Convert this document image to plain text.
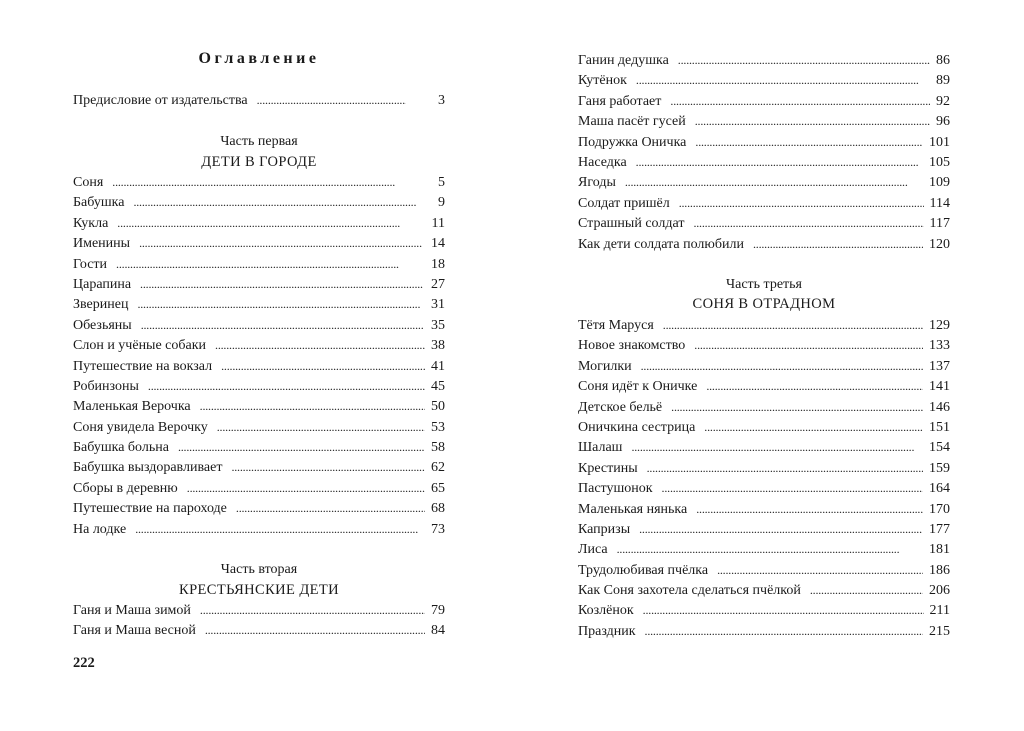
Оглавление
Предисловие от издательства . . .	3
Часть первая
ДЕТИ В ГОРОДЕ
Соня . . .	5
Бабушка . . .	9
Кукла . . .	11
Именины . . .	14
Гости . . .	18
Царапина . . .	27
Зверинец . . .	31
Обезьяны . . .	35
Слон и учёные собаки . . .	38
Путешествие на вокзал . . .	41
Робинзоны . . .	45
Маленькая Верочка . . .	50
Соня увидела Верочку . . .	53
Бабушка больна . . .	58
Бабушка выздоравливает . . .	62
Сборы в деревню . . .	65
Путешествие на пароходе . . .	68
На лодке . . .	73
Часть вторая
КРЕСТЬЯНСКИЕ ДЕТИ
Ганя и Маша зимой . . .	79
Ганя и Маша весной . . .	84
222
Ганин дедушка . . .	86
Кутёнок . . .	89
Ганя работает . . .	92
Маша пасёт гусей . . .	96
Подружка Оничка . . .	101
Наседка . . .	105
Ягоды . . .	109
Солдат пришёл . . .	114
Страшный солдат . . .	117
Как дети солдата полюбили . . .	120
Часть третья
СОНЯ В ОТРАДНОМ
Тётя Маруся . . .	129
Новое знакомство . . .	133
Могилки . . .	137
Соня идёт к Оничке . . .	141
Детское бельё . . .	146
Оничкина сестрица . . .	151
Шалаш . . .	154
Крестины . . .	159
Пастушонок . . .	164
Маленькая нянька . . .	170
Капризы . . .	177
Лиса . . .	181
Трудолюбивая пчёлка . . .	186
Как Соня захотела сделаться пчёлкой . . .	206
Козлёнок . . .	211
Праздник . . .	215
